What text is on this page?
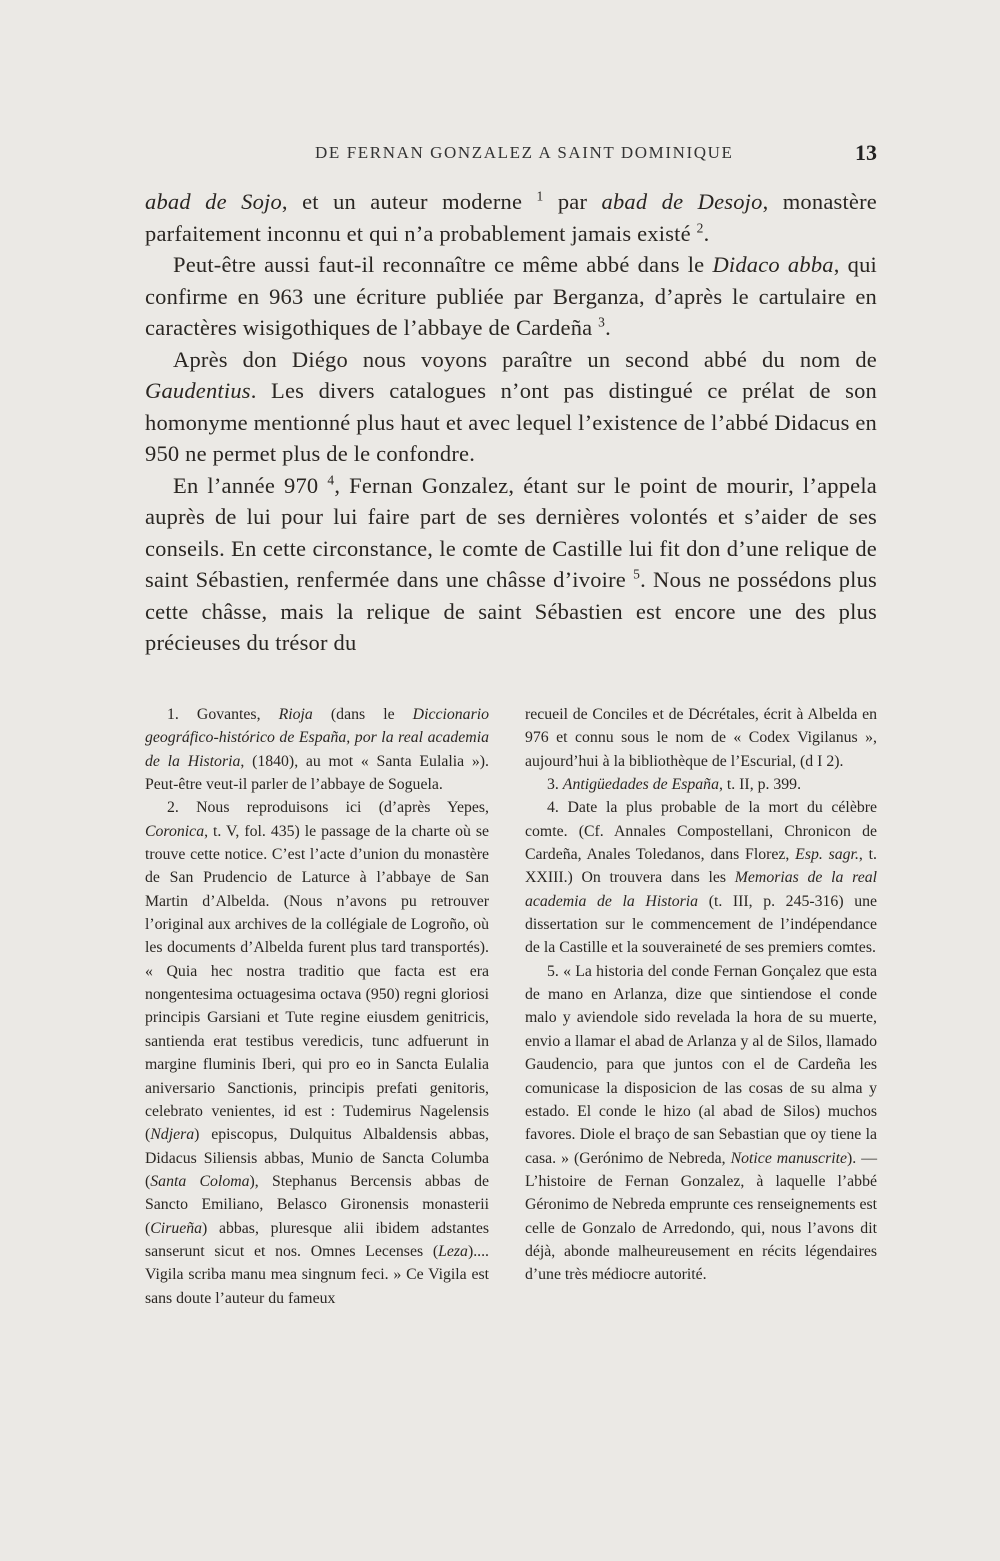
DE FERNAN GONZALEZ A SAINT DOMINIQUE	13

abad de Sojo, et un auteur moderne $^1$ par abad de Desojo, monastère parfaitement inconnu et qui n’a probablement jamais existé $^2$.

Peut-être aussi faut-il reconnaître ce même abbé dans le Didaco abba, qui confirme en 963 une écriture publiée par Berganza, d’après le cartulaire en caractères wisigothiques de l’abbaye de Cardeña $^3$.

Après don Diégo nous voyons paraître un second abbé du nom de Gaudentius. Les divers catalogues n’ont pas distingué ce prélat de son homonyme mentionné plus haut et avec lequel l’existence de l’abbé Didacus en 950 ne permet plus de le confondre.

En l’année 970 $^4$, Fernan Gonzalez, étant sur le point de mourir, l’appela auprès de lui pour lui faire part de ses dernières volontés et s’aider de ses conseils. En cette circonstance, le comte de Castille lui fit don d’une relique de saint Sébastien, renfermée dans une châsse d’ivoire $^5$. Nous ne possédons plus cette châsse, mais la relique de saint Sébastien est encore une des plus précieuses du trésor du

1. Govantes, Rioja (dans le Diccionario geográfico-histórico de España, por la real academia de la Historia, (1840), au mot « Santa Eulalia »). Peut-être veut-il parler de l’abbaye de Soguela.

2. Nous reproduisons ici (d’après Yepes, Coronica, t. V, fol. 435) le passage de la charte où se trouve cette notice. C’est l’acte d’union du monastère de San Prudencio de Laturce à l’abbaye de San Martin d’Albelda. (Nous n’avons pu retrouver l’original aux archives de la collégiale de Logroño, où les documents d’Albelda furent plus tard transportés). « Quia hec nostra traditio que facta est era nongentesima octuagesima octava (950) regni gloriosi principis Garsiani et Tute regine eiusdem genitricis, santienda erat testibus veredicis, tunc adfuerunt in margine fluminis Iberi, qui pro eo in Sancta Eulalia aniversario Sanctionis, principis prefati genitoris, celebrato venientes, id est : Tudemirus Nagelensis (Ndjera) episcopus, Dulquitus Albaldensis abbas, Didacus Siliensis abbas, Munio de Sancta Columba (Santa Coloma), Stephanus Bercensis abbas de Sancto Emiliano, Belasco Gironensis monasterii (Cirueña) abbas, pluresque alii ibidem adstantes sanserunt sicut et nos. Omnes Lecenses (Leza).... Vigila scriba manu mea singnum feci. » Ce Vigila est sans doute l’auteur du fameux

recueil de Conciles et de Décrétales, écrit à Albelda en 976 et connu sous le nom de « Codex Vigilanus », aujourd’hui à la bibliothèque de l’Escurial, (d I 2).

3. Antigüedades de España, t. II, p. 399.

4. Date la plus probable de la mort du célèbre comte. (Cf. Annales Compostellani, Chronicon de Cardeña, Anales Toledanos, dans Florez, Esp. sagr., t. XXIII.) On trouvera dans les Memorias de la real academia de la Historia (t. III, p. 245-316) une dissertation sur le commencement de l’indépendance de la Castille et la souveraineté de ses premiers comtes.

5. « La historia del conde Fernan Gonçalez que esta de mano en Arlanza, dize que sintiendose el conde malo y aviendole sido revelada la hora de su muerte, envio a llamar el abad de Arlanza y al de Silos, llamado Gaudencio, para que juntos con el de Cardeña les comunicase la disposicion de las cosas de su alma y estado. El conde le hizo (al abad de Silos) muchos favores. Diole el braço de san Sebastian que oy tiene la casa. » (Gerónimo de Nebreda, Notice manuscrite). — L’histoire de Fernan Gonzalez, à laquelle l’abbé Géronimo de Nebreda emprunte ces renseignements est celle de Gonzalo de Arredondo, qui, nous l’avons dit déjà, abonde malheureusement en récits légendaires d’une très médiocre autorité.
